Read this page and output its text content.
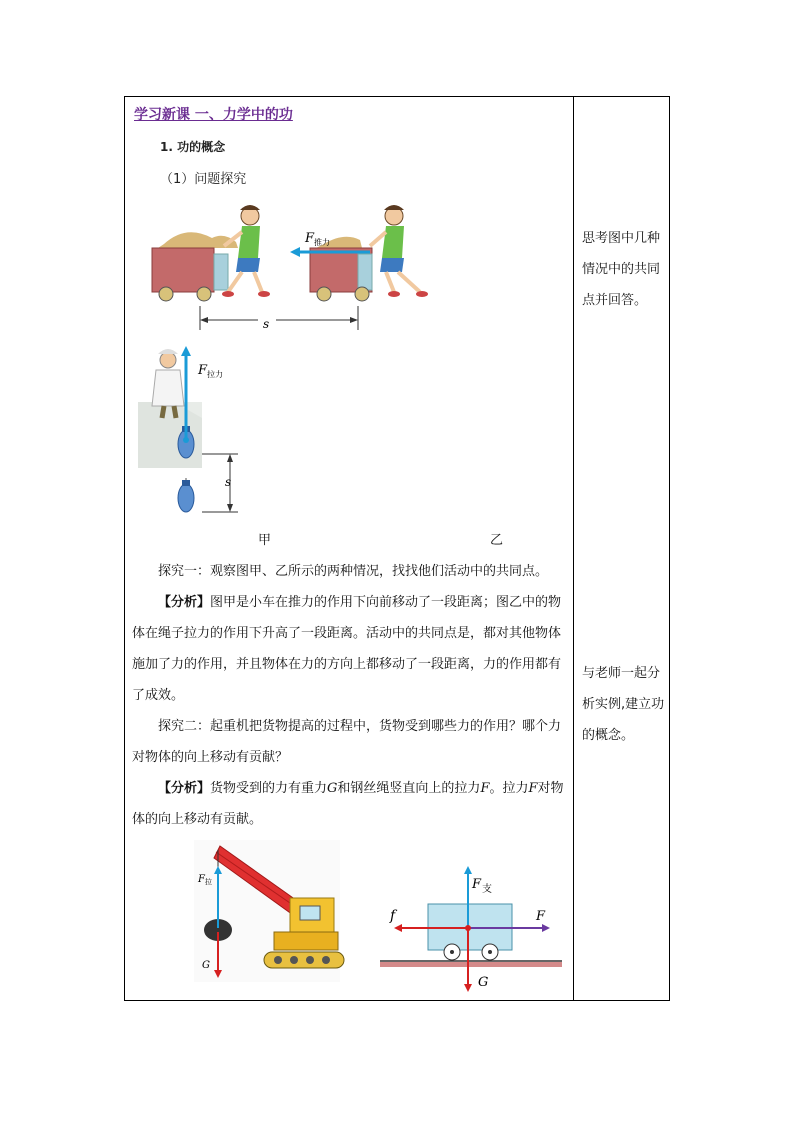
学习新课 一、力学中的功
1. 功的概念
（1）问题探究
F 推力
s
F 拉力
s
甲	乙

探究一：观察图甲、乙所示的两种情况，找找他们活动中的共同点。

【分析】图甲是小车在推力的作用下向前移动了一段距离；图乙中的物体在绳子拉力的作用下升高了一段距离。活动中的共同点是，都对其他物体施加了力的作用，并且物体在力的方向上都移动了一段距离，力的作用都有了成效。

探究二：起重机把货物提高的过程中，货物受到哪些力的作用？哪个力对物体的向上移动有贡献？

【分析】货物受到的力有重力G和钢丝绳竖直向上的拉力F。拉力F对物体的向上移动有贡献。

F 拉
G
F 支
f	F
G
思考图中几种情况中的共同点并回答。
与老师一起分析实例,建立功的概念。
